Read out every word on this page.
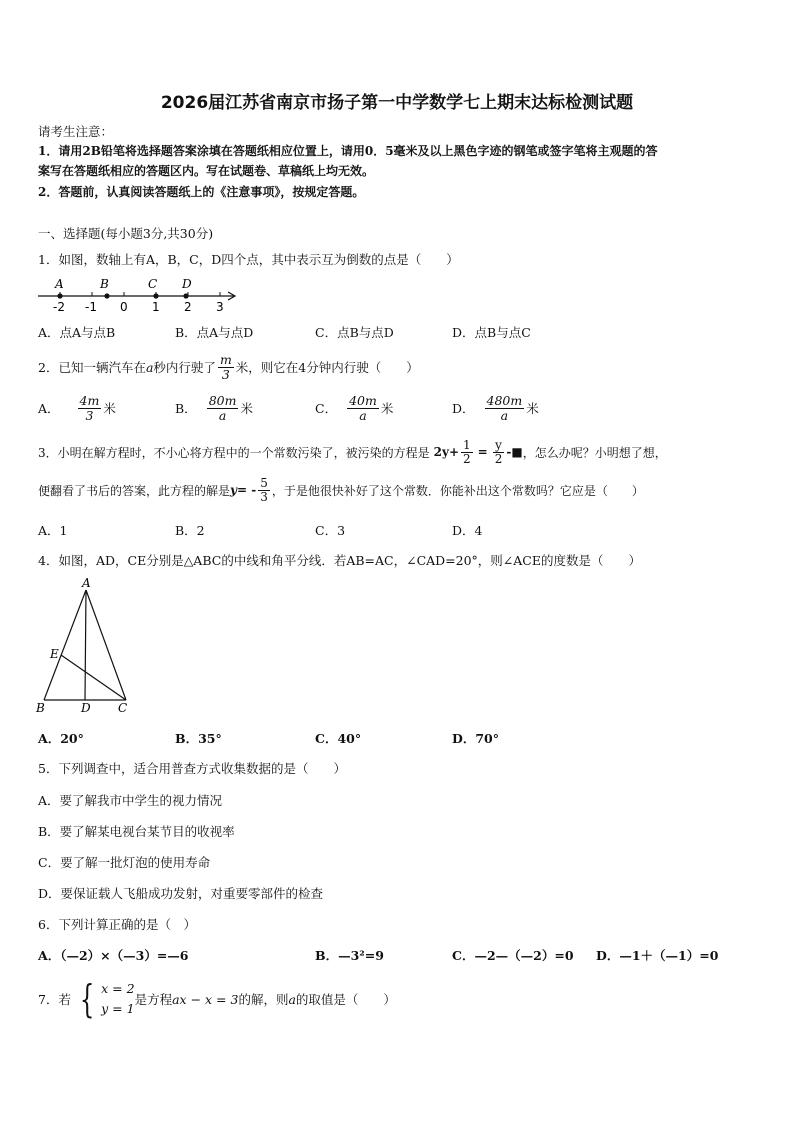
2026届江苏省南京市扬子第一中学数学七上期末达标检测试题
请考生注意：
1．请用2B铅笔将选择题答案涂填在答题纸相应位置上，请用0．5毫米及以上黑色字迹的钢笔或签字笔将主观题的答
案写在答题纸相应的答题区内。写在试题卷、草稿纸上均无效。
2．答题前，认真阅读答题纸上的《注意事项》，按规定答题。
一、选择题(每小题3分,共30分)
1．如图，数轴上有A，B，C，D四个点，其中表示互为倒数的点是（　　）
A	B	C D
-2 -1 0 1 2 3
A．点A与点B	B．点A与点D	C．点B与点D	D．点B与点C
2．已知一辆汽车在 a 秒内行驶了 $\frac{m}{3}$ 米，则它在4分钟内行驶（　　）
A． $\frac{4m}{3}$ 米	B． $\frac{80m}{a}$ 米	C． $\frac{40m}{a}$ 米	D． $\frac{480m}{a}$ 米
3．小明在解方程时，不小心将方程中的一个常数污染了，被污染的方程是 $2y+ \frac{1}{2} = \frac{y}{2}$ -■ ，怎么办呢？小明想了想，
便翻看了书后的答案，此方程的解是 y = - $\frac{5}{3}$ ，于是他很快补好了这个常数．你能补出这个常数吗？它应是（　　）
A．1	B．2	C．3	D．4
4．如图，AD，CE分别是△ABC的中线和角平分线．若AB=AC，∠CAD=20°，则∠ACE的度数是（　　）
A
B	C
D
E
A．20°	B．35°	C．40°	D．70°
5．下列调查中，适合用普查方式收集数据的是（　　）
A．要了解我市中学生的视力情况
B．要了解某电视台某节目的收视率
C．要了解一批灯泡的使用寿命
D．要保证载人飞船成功发射，对重要零部件的检查
6．下列计算正确的是（　）
A．（—2）×（—3）=—6	B．—3²=9	C．—2—（—2）=0 D．—1＋（—1）=0
7．若 { x = 2
y = 1
是方程 ax − x = 3 的解，则 a 的取值是（　　）
